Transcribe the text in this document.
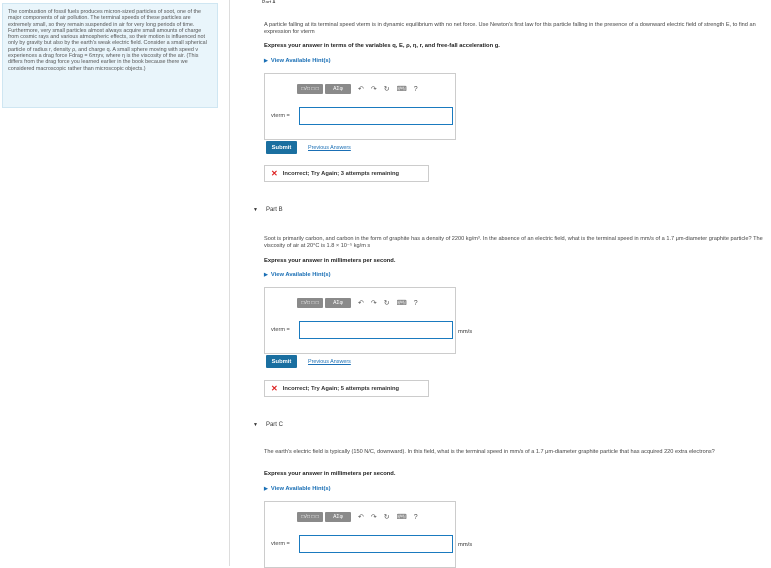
The combustion of fossil fuels produces micron-sized particles of soot, one of the major components of air pollution. The terminal speeds of these particles are extremely small, so they remain suspended in air for very long periods of time. Furthermore, very small particles almost always acquire small amounts of charge from cosmic rays and various atmospheric effects, so their motion is influenced not only by gravity but also by the earth's weak electric field. Consider a small spherical particle of radius r, density ρ, and charge q. A small sphere moving with speed v experiences a drag force Fdrag = 6πηrv, where η is the viscosity of the air. (This differs from the drag force you learned earlier in the book because there we considered macroscopic rather than microscopic objects.)
Part A
A particle falling at its terminal speed vterm is in dynamic equilibrium with no net force. Use Newton's first law for this particle falling in the presence of a downward electric field of strength E, to find an expression for vterm
Express your answer in terms of the variables q, E, ρ, η, r, and free-fall acceleration g.
▶ View Available Hint(s)
□√□ □ □	ΑΣφ	↶ ↷ ↻ ⌨ ?
vterm =
Submit	Previous Answers
✕ Incorrect; Try Again; 3 attempts remaining
▼ Part B
Soot is primarily carbon, and carbon in the form of graphite has a density of 2200 kg/m³. In the absence of an electric field, what is the terminal speed in mm/s of a 1.7 μm-diameter graphite particle? The viscosity of air at 20°C is 1.8 × 10⁻⁵ kg/m s
Express your answer in millimeters per second.
▶ View Available Hint(s)
□√□ □ □	ΑΣφ	↶ ↷ ↻ ⌨ ?
vterm =	mm/s
Submit	Previous Answers
✕ Incorrect; Try Again; 5 attempts remaining
▼ Part C
The earth's electric field is typically (150 N/C, downward). In this field, what is the terminal speed in mm/s of a 1.7 μm-diameter graphite particle that has acquired 220 extra electrons?
Express your answer in millimeters per second.
▶ View Available Hint(s)
□√□ □ □	ΑΣφ	↶ ↷ ↻ ⌨ ?
vterm =	mm/s
